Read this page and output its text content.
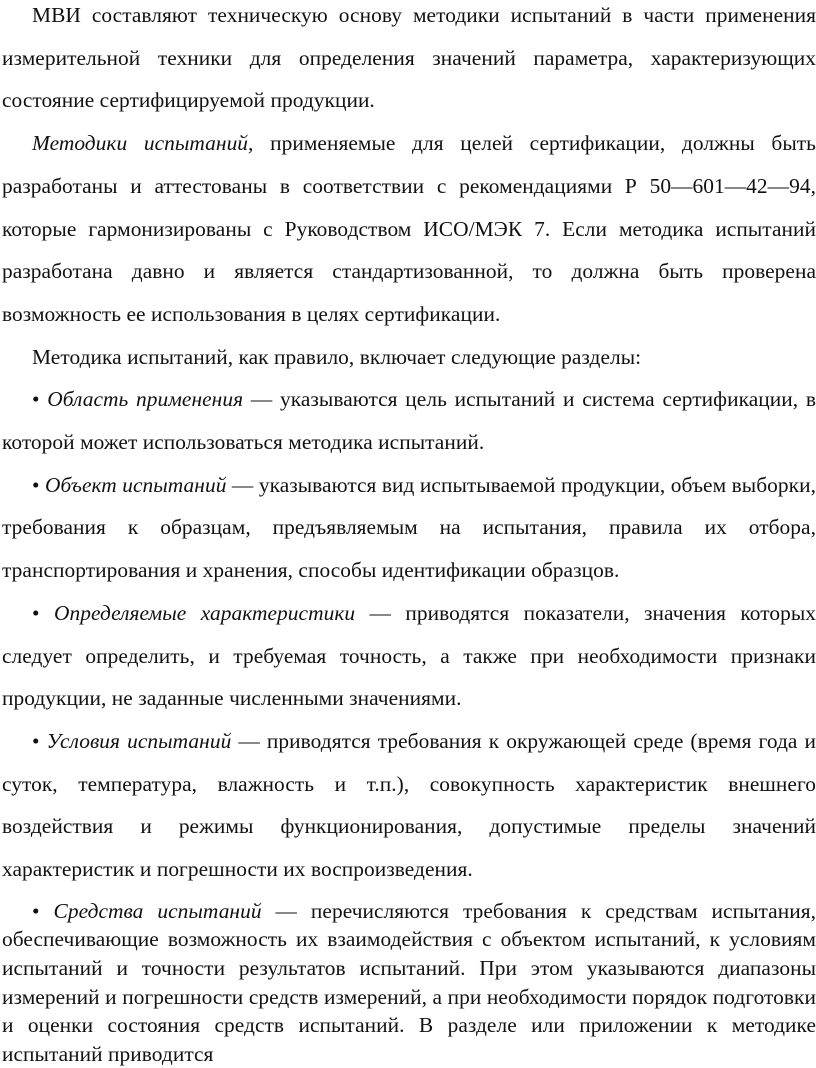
МВИ составляют техническую основу методики испытаний в части применения измерительной техники для определения значений параметра, характеризующих состояние сертифицируемой продукции.

Методики испытаний, применяемые для целей сертификации, должны быть разработаны и аттестованы в соответствии с рекомендациями Р 50—601—42—94, которые гармонизированы с Руководством ИСО/МЭК 7. Если методика испытаний разработана давно и является стандартизованной, то должна быть проверена возможность ее использования в целях сертификации.

Методика испытаний, как правило, включает следующие разделы:

• Область применения — указываются цель испытаний и система сертификации, в которой может использоваться методика испытаний.

• Объект испытаний — указываются вид испытываемой продукции, объем выборки, требования к образцам, предъявляемым на испытания, правила их отбора, транспортирования и хранения, способы идентификации образцов.

• Определяемые характеристики — приводятся показатели, значения которых следует определить, и требуемая точность, а также при необходимости признаки продукции, не заданные численными значениями.

• Условия испытаний — приводятся требования к окружающей среде (время года и суток, температура, влажность и т.п.), совокупность характеристик внешнего воздействия и режимы функционирования, допустимые пределы значений характеристик и погрешности их воспроизведения.

• Средства испытаний — перечисляются требования к средствам испытания, обеспечивающие возможность их взаимодействия с объектом испытаний, к условиям испытаний и точности результатов испытаний. При этом указываются диапазоны измерений и погрешности средств измерений, а при необходимости порядок подготовки и оценки состояния средств испытаний. В разделе или приложении к методике испытаний приводится
